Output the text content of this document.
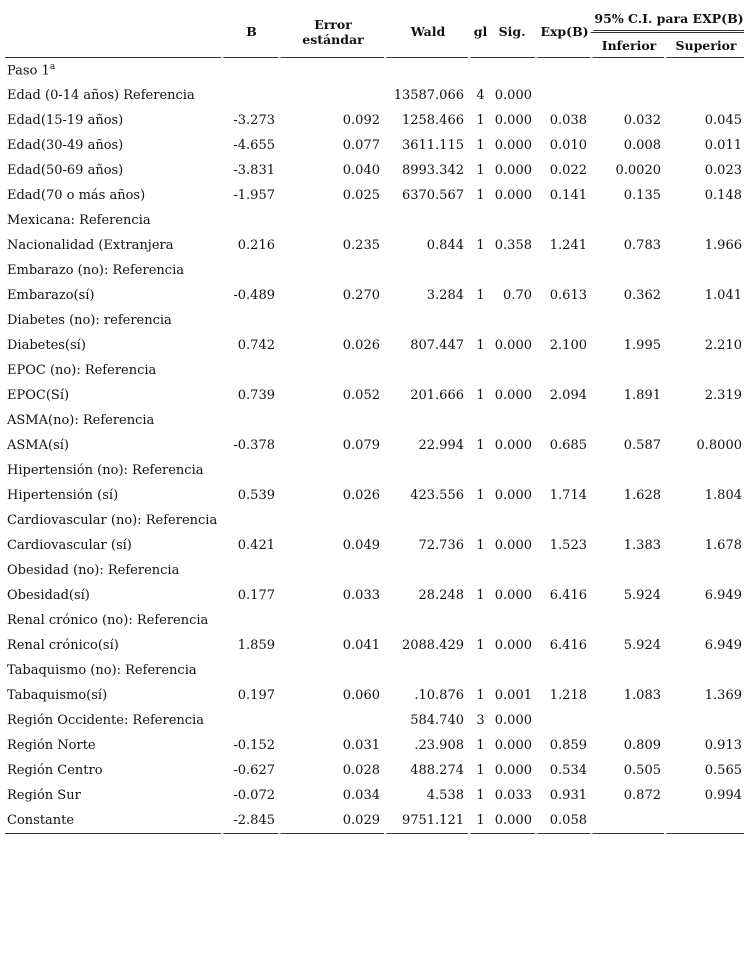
	B	Error estándar	Wald	gl	Sig.	Exp(B)	95% C.I. para EXP(B)	
							Inferior	Superior
Paso 1$^a$								
Edad (0-14 años) Referencia			13587.066	4	0.000			
Edad(15-19 años)	-3.273	0.092	1258.466	1	0.000	0.038	0.032	0.045
Edad(30-49 años)	-4.655	0.077	3611.115	1	0.000	0.010	0.008	0.011
Edad(50-69 años)	-3.831	0.040	8993.342	1	0.000	0.022	0.0020	0.023
Edad(70 o más años)	-1.957	0.025	6370.567	1	0.000	0.141	0.135	0.148
Mexicana: Referencia								
Nacionalidad (Extranjera	0.216	0.235	0.844	1	0.358	1.241	0.783	1.966
Embarazo (no): Referencia								
Embarazo(sí)	-0.489	0.270	3.284	1	0.70	0.613	0.362	1.041
Diabetes (no): referencia								
Diabetes(sí)	0.742	0.026	807.447	1	0.000	2.100	1.995	2.210
EPOC (no): Referencia								
EPOC(Sí)	0.739	0.052	201.666	1	0.000	2.094	1.891	2.319
ASMA(no): Referencia								
ASMA(sí)	-0.378	0.079	22.994	1	0.000	0.685	0.587	0.8000
Hipertensión (no): Referencia								
Hipertensión (sí)	0.539	0.026	423.556	1	0.000	1.714	1.628	1.804
Cardiovascular (no): Referencia								
Cardiovascular (sí)	0.421	0.049	72.736	1	0.000	1.523	1.383	1.678
Obesidad (no): Referencia								
Obesidad(sí)	0.177	0.033	28.248	1	0.000	6.416	5.924	6.949
Renal crónico (no): Referencia								
Renal crónico(sí)	1.859	0.041	2088.429	1	0.000	6.416	5.924	6.949
Tabaquismo (no): Referencia								
Tabaquismo(sí)	0.197	0.060	.10.876	1	0.001	1.218	1.083	1.369
Región Occidente: Referencia			584.740	3	0.000			
Región Norte	-0.152	0.031	.23.908	1	0.000	0.859	0.809	0.913
Región Centro	-0.627	0.028	488.274	1	0.000	0.534	0.505	0.565
Región Sur	-0.072	0.034	4.538	1	0.033	0.931	0.872	0.994
Constante	-2.845	0.029	9751.121	1	0.000	0.058		
